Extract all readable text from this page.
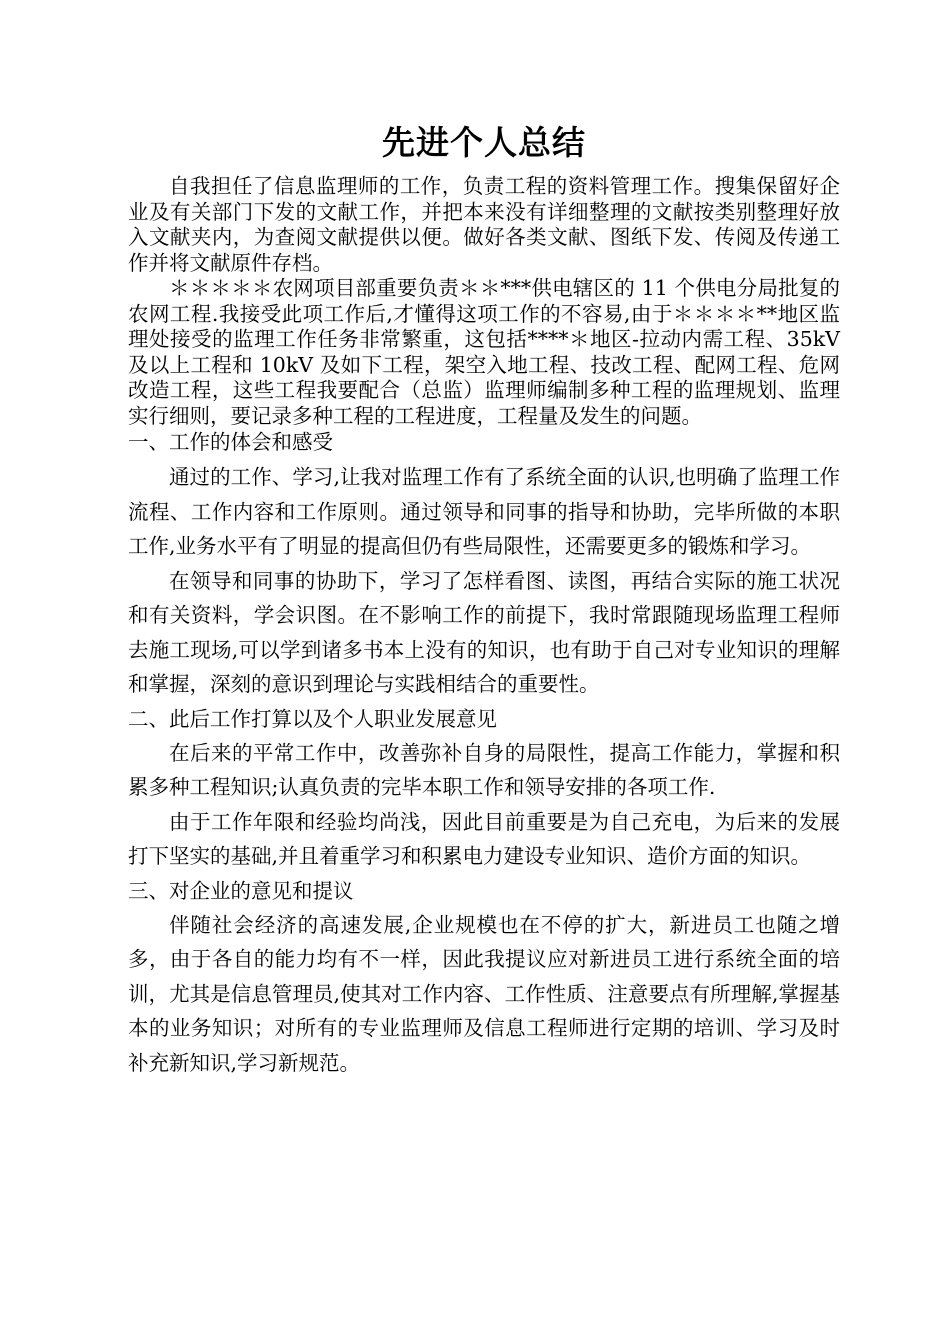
先进个人总结

自我担任了信息监理师的工作，负责工程的资料管理工作。搜集保留好企业及有关部门下发的文献工作，并把本来没有详细整理的文献按类别整理好放入文献夹内，为查阅文献提供以便。做好各类文献、图纸下发、传阅及传递工作并将文献原件存档。

＊＊＊＊＊农网项目部重要负责＊＊***供电辖区的 11 个供电分局批复的农网工程.我接受此项工作后,才懂得这项工作的不容易,由于＊＊＊＊**地区监理处接受的监理工作任务非常繁重，这包括****＊地区-拉动内需工程、35kV 及以上工程和 10kV 及如下工程，架空入地工程、技改工程、配网工程、危网改造工程，这些工程我要配合（总监）监理师编制多种工程的监理规划、监理实行细则，要记录多种工程的工程进度，工程量及发生的问题。

一、工作的体会和感受

通过的工作、学习,让我对监理工作有了系统全面的认识,也明确了监理工作流程、工作内容和工作原则。通过领导和同事的指导和协助，完毕所做的本职工作,业务水平有了明显的提高但仍有些局限性，还需要更多的锻炼和学习。

在领导和同事的协助下，学习了怎样看图、读图，再结合实际的施工状况和有关资料，学会识图。在不影响工作的前提下，我时常跟随现场监理工程师去施工现场,可以学到诸多书本上没有的知识，也有助于自己对专业知识的理解和掌握，深刻的意识到理论与实践相结合的重要性。

二、此后工作打算以及个人职业发展意见

在后来的平常工作中，改善弥补自身的局限性，提高工作能力，掌握和积累多种工程知识;认真负责的完毕本职工作和领导安排的各项工作.

由于工作年限和经验均尚浅，因此目前重要是为自己充电，为后来的发展打下坚实的基础,并且着重学习和积累电力建设专业知识、造价方面的知识。

三、对企业的意见和提议

伴随社会经济的高速发展,企业规模也在不停的扩大，新进员工也随之增多，由于各自的能力均有不一样，因此我提议应对新进员工进行系统全面的培训，尤其是信息管理员,使其对工作内容、工作性质、注意要点有所理解,掌握基本的业务知识；对所有的专业监理师及信息工程师进行定期的培训、学习及时补充新知识,学习新规范。
